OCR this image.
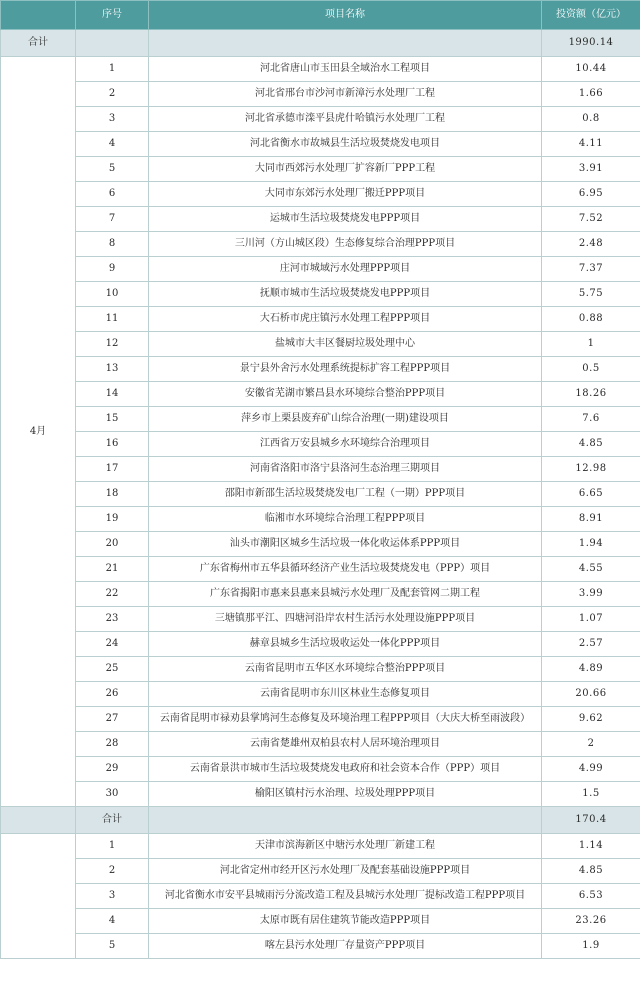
	序号	项目名称	投资额（亿元）
合计			1990.14
4月	1	河北省唐山市玉田县全域治水工程项目	10.44
	2	河北省邢台市沙河市新漳污水处理厂工程	1.66
	3	河北省承德市滦平县虎什哈镇污水处理厂工程	0.8
	4	河北省衡水市故城县生活垃圾焚烧发电项目	4.11
	5	大同市西郊污水处理厂扩容新厂PPP工程	3.91
	6	大同市东郊污水处理厂搬迁PPP项目	6.95
	7	运城市生活垃圾焚烧发电PPP项目	7.52
	8	三川河（方山城区段）生态修复综合治理PPP项目	2.48
	9	庄河市城域污水处理PPP项目	7.37
	10	抚顺市城市生活垃圾焚烧发电PPP项目	5.75
	11	大石桥市虎庄镇污水处理工程PPP项目	0.88
	12	盐城市大丰区餐厨垃圾处理中心	1
	13	景宁县外舍污水处理系统提标扩容工程PPP项目	0.5
	14	安徽省芜湖市繁昌县水环境综合整治PPP项目	18.26
	15	萍乡市上栗县废弃矿山综合治理(一期)建设项目	7.6
	16	江西省万安县城乡水环境综合治理项目	4.85
	17	河南省洛阳市洛宁县洛河生态治理三期项目	12.98
	18	邵阳市新邵生活垃圾焚烧发电厂工程（一期）PPP项目	6.65
	19	临湘市水环境综合治理工程PPP项目	8.91
	20	汕头市潮阳区城乡生活垃圾一体化收运体系PPP项目	1.94
	21	广东省梅州市五华县循环经济产业生活垃圾焚烧发电（PPP）项目	4.55
	22	广东省揭阳市惠来县惠来县城污水处理厂及配套管网二期工程	3.99
	23	三塘镇那平江、四塘河沿岸农村生活污水处理设施PPP项目	1.07
	24	赫章县城乡生活垃圾收运处一体化PPP项目	2.57
	25	云南省昆明市五华区水环境综合整治PPP项目	4.89
	26	云南省昆明市东川区林业生态修复项目	20.66
	27	云南省昆明市禄劝县掌鸠河生态修复及环境治理工程PPP项目（大庆大桥至雨波段）	9.62
	28	云南省楚雄州双柏县农村人居环境治理项目	2
	29	云南省景洪市城市生活垃圾焚烧发电政府和社会资本合作（PPP）项目	4.99
	30	榆阳区镇村污水治理、垃圾处理PPP项目	1.5
	合计		170.4
	1	天津市滨海新区中塘污水处理厂新建工程	1.14
	2	河北省定州市经开区污水处理厂及配套基础设施PPP项目	4.85
	3	河北省衡水市安平县城雨污分流改造工程及县城污水处理厂提标改造工程PPP项目	6.53
	4	太原市既有居住建筑节能改造PPP项目	23.26
	5	喀左县污水处理厂存量资产PPP项目	1.9
